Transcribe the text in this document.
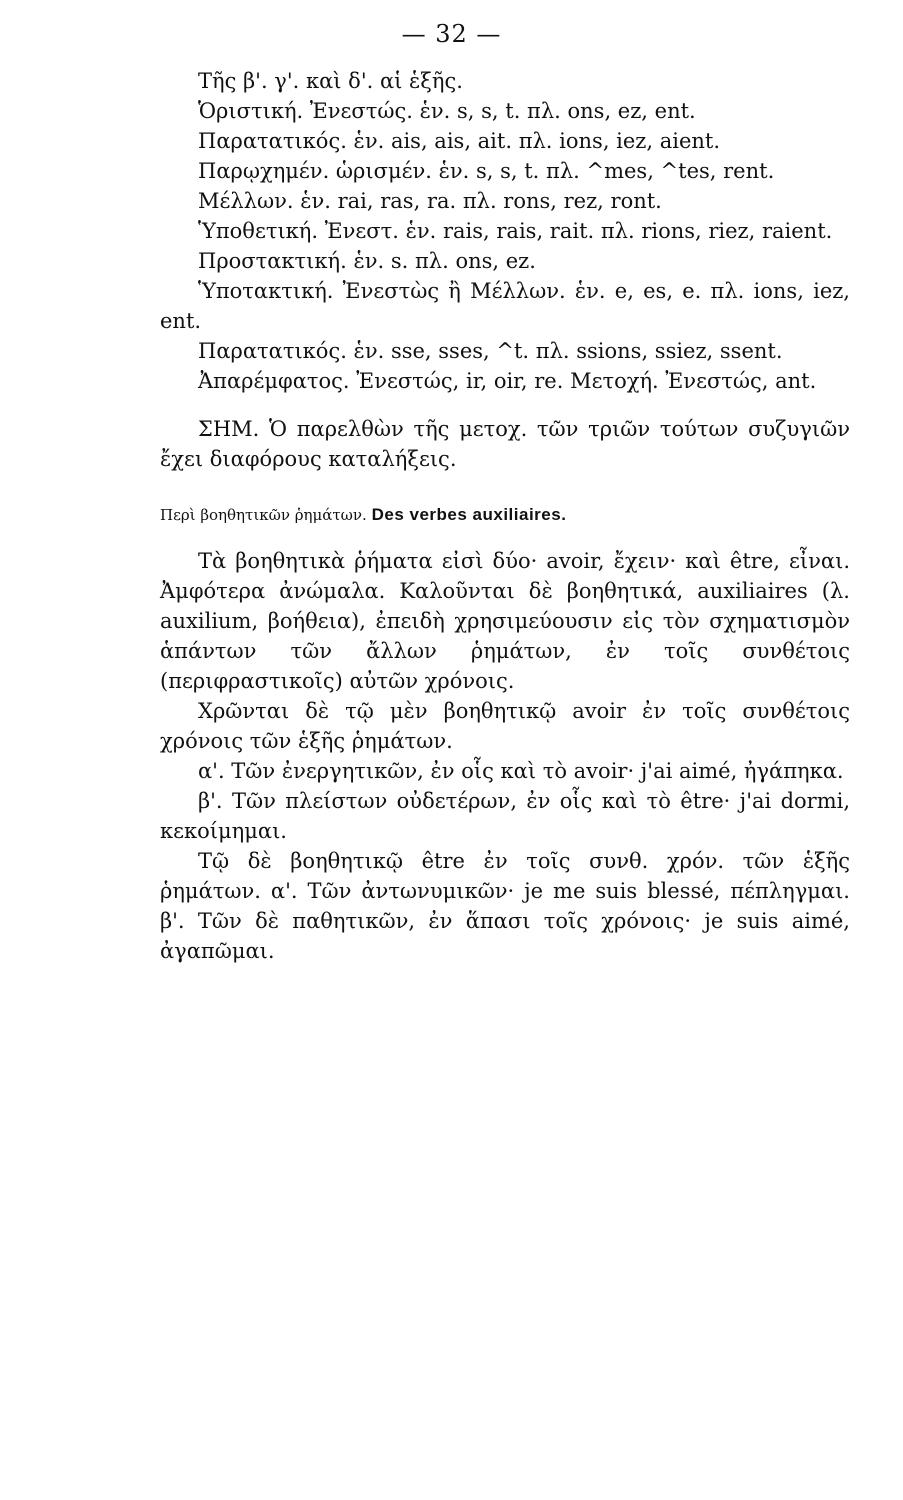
— 32 —

Τῆς β'. γ'. καὶ δ'. αἱ ἑξῆς.

Ὁριστική. Ἐνεστώς. ἑν. s, s, t. πλ. ons, ez, ent.

Παρατατικός. ἑν. ais, ais, ait. πλ. ions, iez, aient.

Παρῳχημέν. ὡρισμέν. ἑν. s, s, t. πλ. ^mes, ^tes, rent.

Μέλλων. ἑν. rai, ras, ra. πλ. rons, rez, ront.

Ὑποθετική. Ἐνεστ. ἑν. rais, rais, rait. πλ. rions, riez, raient.

Προστακτική. ἑν. s. πλ. ons, ez.

Ὑποτακτική. Ἐνεστὼς ἢ Μέλλων. ἑν. e, es, e. πλ. ions, iez, ent.

Παρατατικός. ἑν. sse, sses, ^t. πλ. ssions, ssiez, ssent.

Ἀπαρέμφατος. Ἐνεστώς, ir, oir, re. Μετοχή. Ἐνεστώς, ant.

ΣΗΜ. Ὁ παρελθὼν τῆς μετοχ. τῶν τριῶν τούτων συζυγιῶν ἔχει διαφόρους καταλήξεις.

Περὶ βοηθητικῶν ῥημάτων. Des verbes auxiliaires.

Τὰ βοηθητικὰ ῥήματα εἰσὶ δύο· avoir, ἔχειν· καὶ être, εἶναι. Ἀμφότερα ἀνώμαλα. Καλοῦνται δὲ βοηθητικά, auxiliaires (λ. auxilium, βοήθεια), ἐπειδὴ χρησιμεύουσιν εἰς τὸν σχηματισμὸν ἁπάντων τῶν ἄλλων ῥημάτων, ἐν τοῖς συνθέτοις (περιφραστικοῖς) αὐτῶν χρόνοις.

Χρῶνται δὲ τῷ μὲν βοηθητικῷ avoir ἐν τοῖς συνθέτοις χρόνοις τῶν ἑξῆς ῥημάτων.

α'. Τῶν ἐνεργητικῶν, ἐν οἷς καὶ τὸ avoir· j'ai aimé, ἠγάπηκα.

β'. Τῶν πλείστων οὐδετέρων, ἐν οἷς καὶ τὸ être· j'ai dormi, κεκοίμημαι.

Τῷ δὲ βοηθητικῷ être ἐν τοῖς συνθ. χρόν. τῶν ἑξῆς ῥημάτων. α'. Τῶν ἀντωνυμικῶν· je me suis blessé, πέπληγμαι. β'. Τῶν δὲ παθητικῶν, ἐν ἅπασι τοῖς χρόνοις· je suis aimé, ἀγαπῶμαι.
